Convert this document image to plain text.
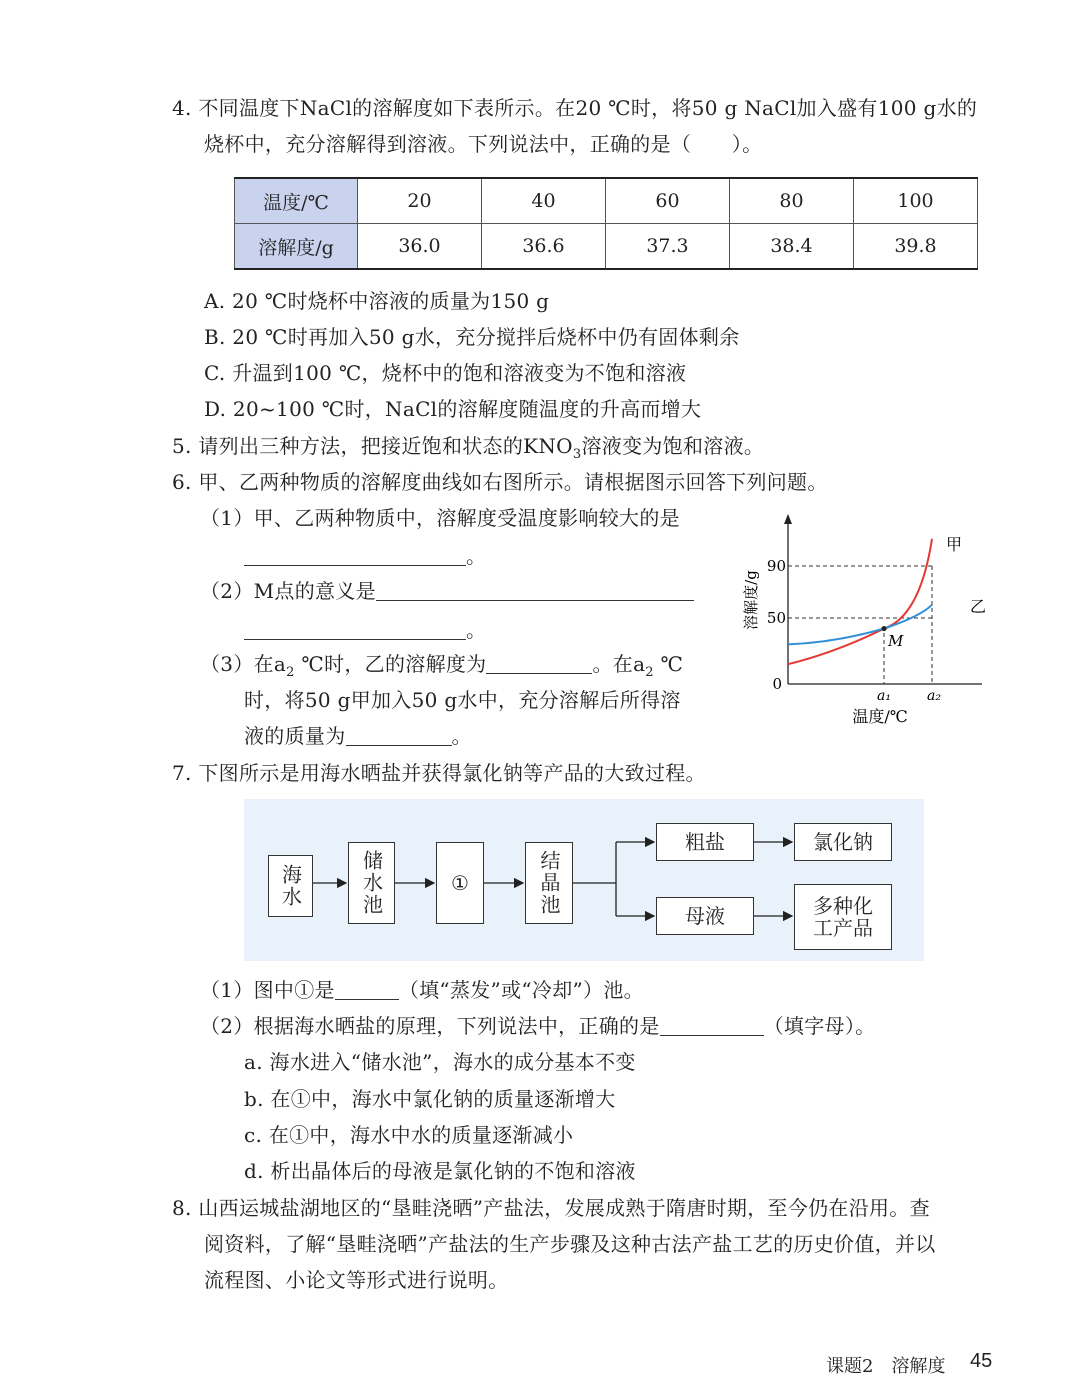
4. 不同温度下NaCl的溶解度如下表所示。在20 ℃时，将50 g NaCl加入盛有100 g水的
烧杯中，充分溶解得到溶液。下列说法中，正确的是（　　）。
温度/℃	20	40	60	80	100
溶解度/g	36.0	36.6	37.3	38.4	39.8
A. 20 ℃时烧杯中溶液的质量为150 g
B. 20 ℃时再加入50 g水，充分搅拌后烧杯中仍有固体剩余
C. 升温到100 ℃，烧杯中的饱和溶液变为不饱和溶液
D. 20~100 ℃时，NaCl的溶解度随温度的升高而增大
5. 请列出三种方法，把接近饱和状态的$KNO_3$溶液变为饱和溶液。
6. 甲、乙两种物质的溶解度曲线如右图所示。请根据图示回答下列问题。
（1）甲、乙两种物质中，溶解度受温度影响较大的是
。
（2）M点的意义是
。
（3）在$a_2$ ℃时，乙的溶解度为	。在$a_2$ ℃
时，将50 g甲加入50 g水中，充分溶解后所得溶
液的质量为	。
M
0
50
90
a₁	a₂
温度/℃
溶解度/g
甲
乙
7. 下图所示是用海水晒盐并获得氯化钠等产品的大致过程。
海水	储水池	①	结晶池
粗盐	氯化钠
母液	多种化工产品
（1）图中①是	（填“蒸发”或“冷却”）池。
（2）根据海水晒盐的原理，下列说法中，正确的是	（填字母）。
a. 海水进入“储水池”，海水的成分基本不变
b. 在①中，海水中氯化钠的质量逐渐增大
c. 在①中，海水中水的质量逐渐减小
d. 析出晶体后的母液是氯化钠的不饱和溶液
8. 山西运城盐湖地区的“垦畦浇晒”产盐法，发展成熟于隋唐时期，至今仍在沿用。查
阅资料，了解“垦畦浇晒”产盐法的生产步骤及这种古法产盐工艺的历史价值，并以
流程图、小论文等形式进行说明。
课题2　溶解度 45
